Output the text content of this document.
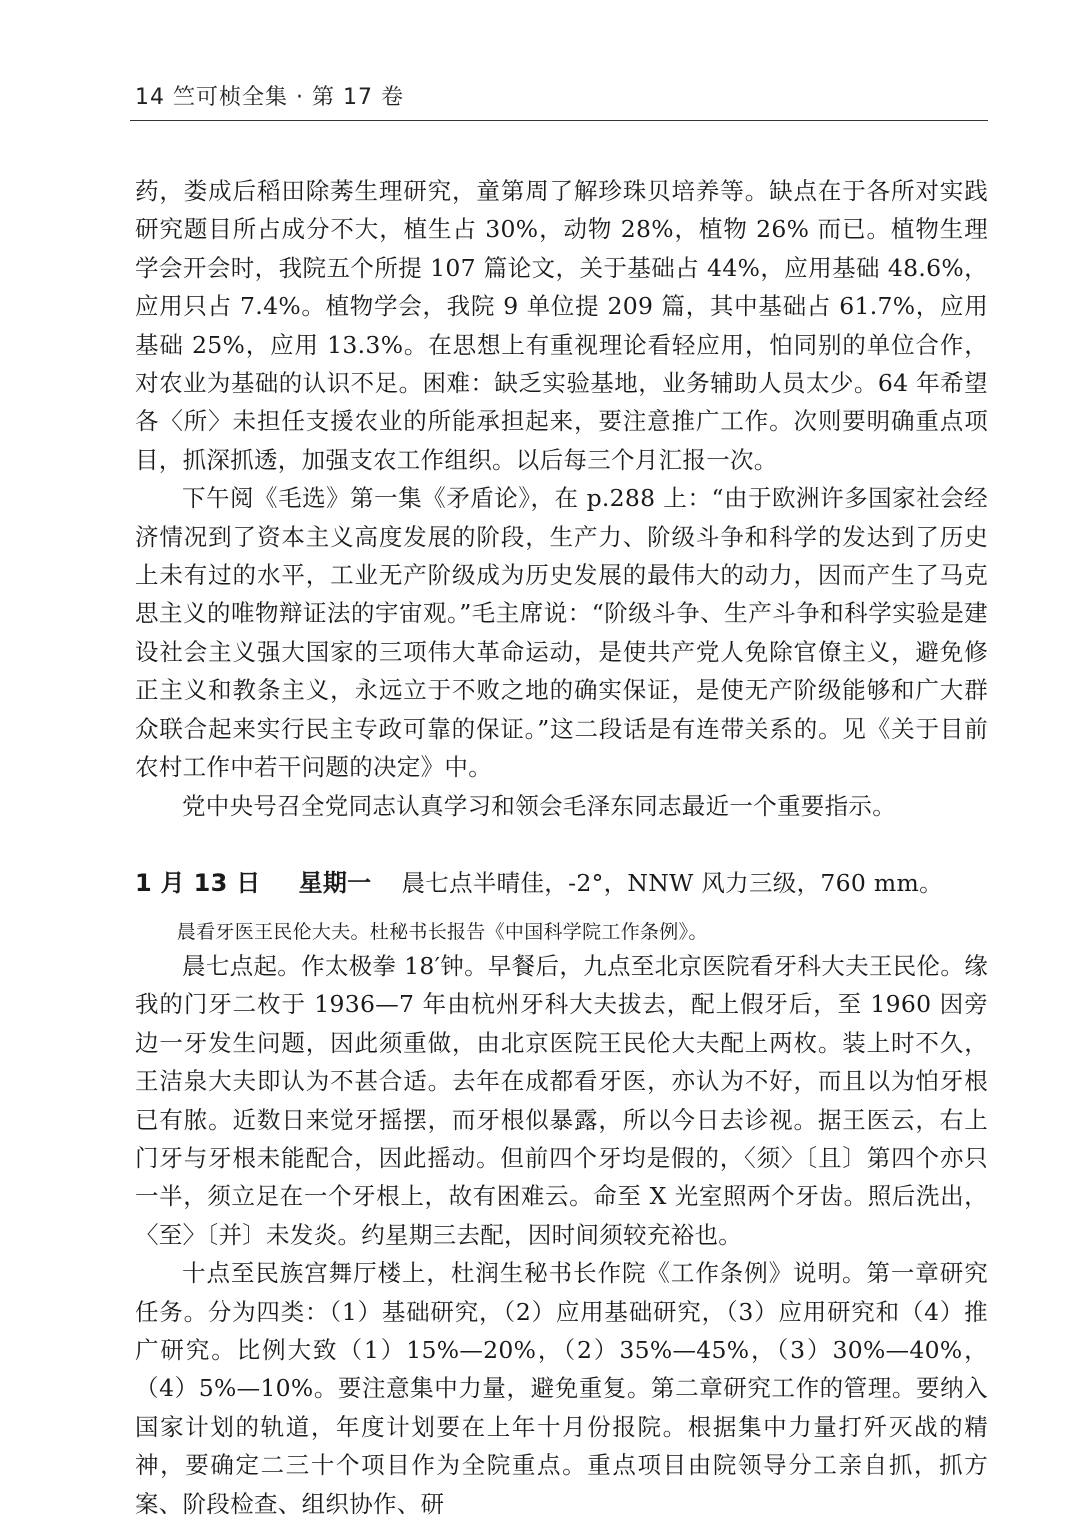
14 竺可桢全集 · 第 17 卷

药，娄成后稻田除莠生理研究，童第周了解珍珠贝培养等。缺点在于各所对实践研究题目所占成分不大，植生占 30%，动物 28%，植物 26% 而已。植物生理学会开会时，我院五个所提 107 篇论文，关于基础占 44%，应用基础 48.6%，应用只占 7.4%。植物学会，我院 9 单位提 209 篇，其中基础占 61.7%，应用基础 25%，应用 13.3%。在思想上有重视理论看轻应用，怕同别的单位合作，对农业为基础的认识不足。困难：缺乏实验基地，业务辅助人员太少。64 年希望各〈所〉未担任支援农业的所能承担起来，要注意推广工作。次则要明确重点项目，抓深抓透，加强支农工作组织。以后每三个月汇报一次。

下午阅《毛选》第一集《矛盾论》，在 p.288 上：“由于欧洲许多国家社会经济情况到了资本主义高度发展的阶段，生产力、阶级斗争和科学的发达到了历史上未有过的水平，工业无产阶级成为历史发展的最伟大的动力，因而产生了马克思主义的唯物辩证法的宇宙观。”毛主席说：“阶级斗争、生产斗争和科学实验是建设社会主义强大国家的三项伟大革命运动，是使共产党人免除官僚主义，避免修正主义和教条主义，永远立于不败之地的确实保证，是使无产阶级能够和广大群众联合起来实行民主专政可靠的保证。”这二段话是有连带关系的。见《关于目前农村工作中若干问题的决定》中。

党中央号召全党同志认真学习和领会毛泽东同志最近一个重要指示。

1 月 13 日 星期一 晨七点半晴佳，-2°，NNW 风力三级，760 mm。

晨看牙医王民伦大夫。杜秘书长报告《中国科学院工作条例》。

晨七点起。作太极拳 18′钟。早餐后，九点至北京医院看牙科大夫王民伦。缘我的门牙二枚于 1936—7 年由杭州牙科大夫拔去，配上假牙后，至 1960 因旁边一牙发生问题，因此须重做，由北京医院王民伦大夫配上两枚。装上时不久，王洁泉大夫即认为不甚合适。去年在成都看牙医，亦认为不好，而且以为怕牙根已有脓。近数日来觉牙摇摆，而牙根似暴露，所以今日去诊视。据王医云，右上门牙与牙根未能配合，因此摇动。但前四个牙均是假的，〈须〉〔且〕第四个亦只一半，须立足在一个牙根上，故有困难云。命至 X 光室照两个牙齿。照后洗出，〈至〉〔并〕未发炎。约星期三去配，因时间须较充裕也。

十点至民族宫舞厅楼上，杜润生秘书长作院《工作条例》说明。第一章研究任务。分为四类：（1）基础研究，（2）应用基础研究，（3）应用研究和（4）推广研究。比例大致（1）15%—20%，（2）35%—45%，（3）30%—40%，（4）5%—10%。要注意集中力量，避免重复。第二章研究工作的管理。要纳入国家计划的轨道，年度计划要在上年十月份报院。根据集中力量打歼灭战的精神，要确定二三十个项目作为全院重点。重点项目由院领导分工亲自抓，抓方案、阶段检查、组织协作、研
